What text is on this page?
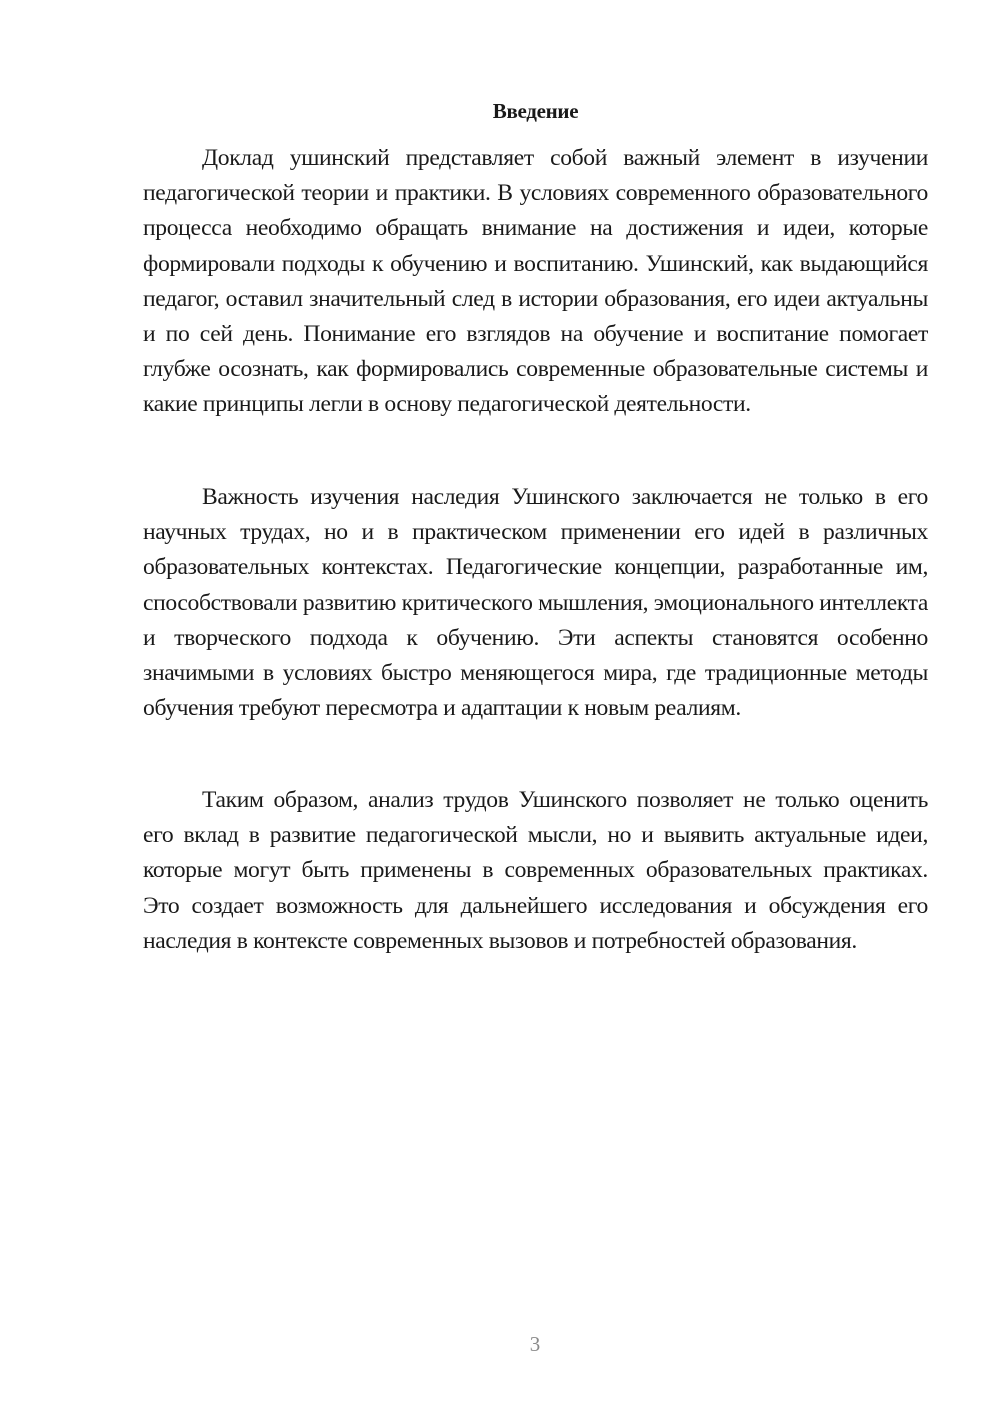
Введение

Доклад ушинский представляет собой важный элемент в изучении педагогической теории и практики. В условиях современного образовательного процесса необходимо обращать внимание на достижения и идеи, которые формировали подходы к обучению и воспитанию. Ушинский, как выдающийся педагог, оставил значительный след в истории образования, его идеи актуальны и по сей день. Понимание его взглядов на обучение и воспитание помогает глубже осознать, как формировались современные образовательные системы и какие принципы легли в основу педагогической деятельности.

Важность изучения наследия Ушинского заключается не только в его научных трудах, но и в практическом применении его идей в различных образовательных контекстах. Педагогические концепции, разработанные им, способствовали развитию критического мышления, эмоционального интеллекта и творческого подхода к обучению. Эти аспекты становятся особенно значимыми в условиях быстро меняющегося мира, где традиционные методы обучения требуют пересмотра и адаптации к новым реалиям.

Таким образом, анализ трудов Ушинского позволяет не только оценить его вклад в развитие педагогической мысли, но и выявить актуальные идеи, которые могут быть применены в современных образовательных практиках. Это создает возможность для дальнейшего исследования и обсуждения его наследия в контексте современных вызовов и потребностей образования.

3
